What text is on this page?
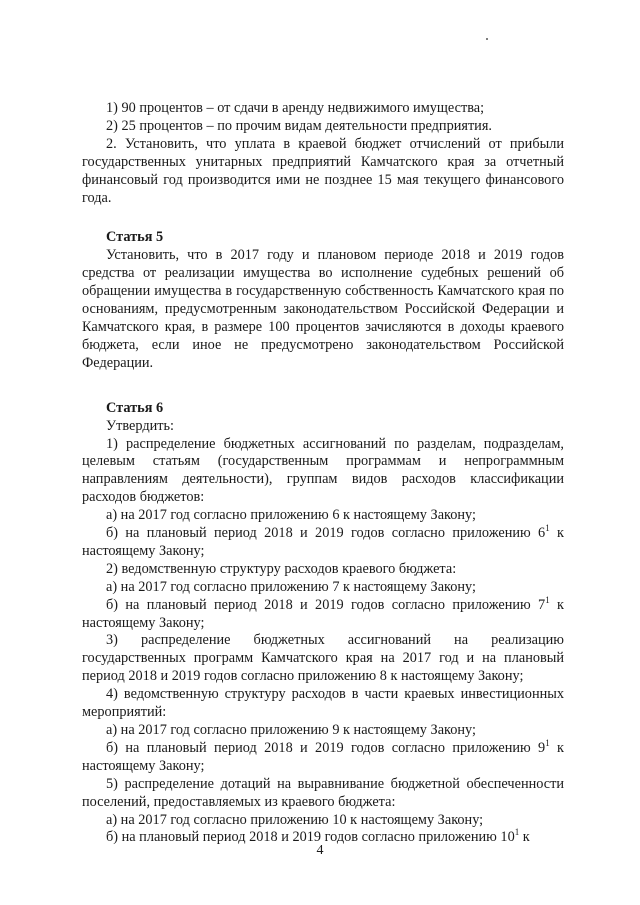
1) 90 процентов – от сдачи в аренду недвижимого имущества;

2) 25 процентов – по прочим видам деятельности предприятия.

2. Установить, что уплата в краевой бюджет отчислений от прибыли государственных унитарных предприятий Камчатского края за отчетный финансовый год производится ими не позднее 15 мая текущего финансового года.

Статья 5

Установить, что в 2017 году и плановом периоде 2018 и 2019 годов средства от реализации имущества во исполнение судебных решений об обращении имущества в государственную собственность Камчатского края по основаниям, предусмотренным законодательством Российской Федерации и Камчатского края, в размере 100 процентов зачисляются в доходы краевого бюджета, если иное не предусмотрено законодательством Российской Федерации.

Статья 6

Утвердить:

1) распределение бюджетных ассигнований по разделам, подразделам, целевым статьям (государственным программам и непрограммным направлениям деятельности), группам видов расходов классификации расходов бюджетов:

а) на 2017 год согласно приложению 6 к настоящему Закону;

б) на плановый период 2018 и 2019 годов согласно приложению $6^1$ к настоящему Закону;

2) ведомственную структуру расходов краевого бюджета:

а) на 2017 год согласно приложению 7 к настоящему Закону;

б) на плановый период 2018 и 2019 годов согласно приложению $7^1$ к настоящему Закону;

3) распределение бюджетных ассигнований на реализацию государственных программ Камчатского края на 2017 год и на плановый период 2018 и 2019 годов согласно приложению 8 к настоящему Закону;

4) ведомственную структуру расходов в части краевых инвестиционных мероприятий:

а) на 2017 год согласно приложению 9 к настоящему Закону;

б) на плановый период 2018 и 2019 годов согласно приложению $9^1$ к настоящему Закону;

5) распределение дотаций на выравнивание бюджетной обеспеченности поселений, предоставляемых из краевого бюджета:

а) на 2017 год согласно приложению 10 к настоящему Закону;

б) на плановый период 2018 и 2019 годов согласно приложению $10^1$ к

4
